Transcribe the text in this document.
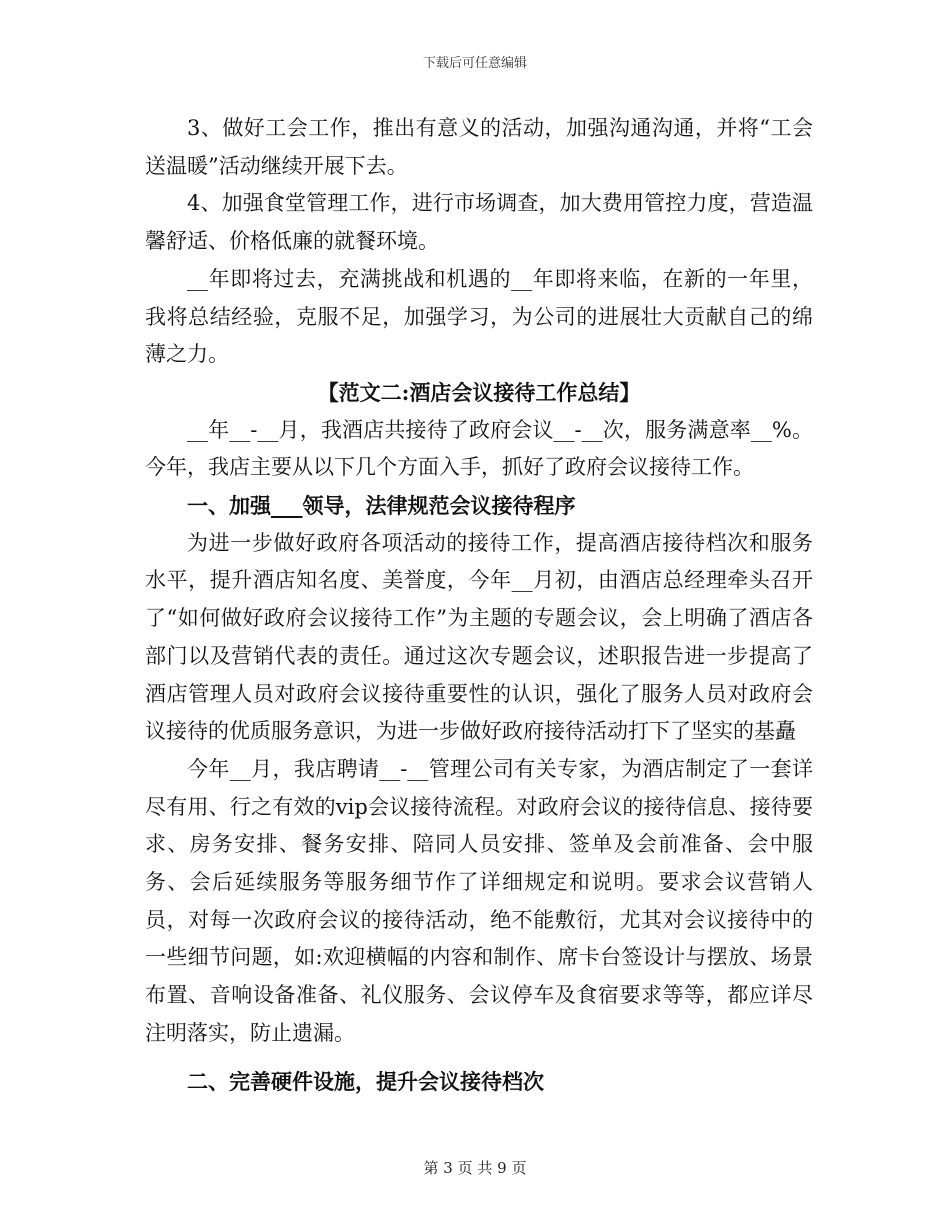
下载后可任意编辑

3、做好工会工作，推出有意义的活动，加强沟通沟通，并将“工会送温暖”活动继续开展下去。

4、加强食堂管理工作，进行市场调查，加大费用管控力度，营造温馨舒适、价格低廉的就餐环境。

__年即将过去，充满挑战和机遇的__年即将来临，在新的一年里，我将总结经验，克服不足，加强学习，为公司的进展壮大贡献自己的绵薄之力。

【范文二:酒店会议接待工作总结】

__年__-__月，我酒店共接待了政府会议__-__次，服务满意率__%。今年，我店主要从以下几个方面入手，抓好了政府会议接待工作。

一、加强___领导，法律规范会议接待程序

为进一步做好政府各项活动的接待工作，提高酒店接待档次和服务水平，提升酒店知名度、美誉度，今年__月初，由酒店总经理牵头召开了“如何做好政府会议接待工作”为主题的专题会议，会上明确了酒店各部门以及营销代表的责任。通过这次专题会议，述职报告进一步提高了酒店管理人员对政府会议接待重要性的认识，强化了服务人员对政府会议接待的优质服务意识，为进一步做好政府接待活动打下了坚实的基矗

今年__月，我店聘请__-__管理公司有关专家，为酒店制定了一套详尽有用、行之有效的vip会议接待流程。对政府会议的接待信息、接待要求、房务安排、餐务安排、陪同人员安排、签单及会前准备、会中服务、会后延续服务等服务细节作了详细规定和说明。要求会议营销人员，对每一次政府会议的接待活动，绝不能敷衍，尤其对会议接待中的一些细节问题，如:欢迎横幅的内容和制作、席卡台签设计与摆放、场景布置、音响设备准备、礼仪服务、会议停车及食宿要求等等，都应详尽注明落实，防止遗漏。

二、完善硬件设施，提升会议接待档次

第 3 页 共 9 页
